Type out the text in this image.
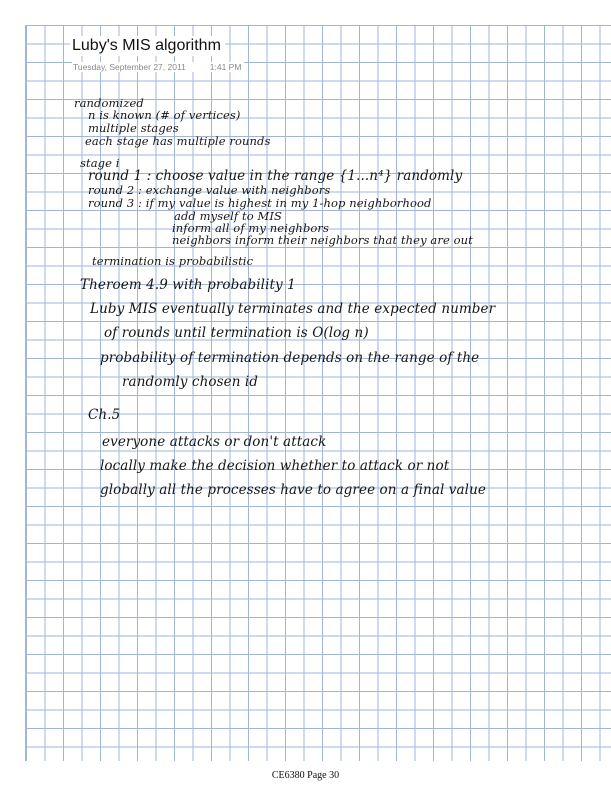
Luby's MIS algorithm
Tuesday, September 27, 2011	1:41 PM
randomized
n is known (# of vertices)
multiple stages
each stage has multiple rounds
stage i
round 1 : choose value in the range {1...n⁴} randomly
round 2 : exchange value with neighbors
round 3 : if my value is highest in my 1-hop neighborhood
add myself to MIS
inform all of my neighbors
neighbors inform their neighbors that they are out
termination is probabilistic
Theroem 4.9 with probability 1
Luby MIS eventually terminates and the expected number
of rounds until termination is O(log n)
probability of termination depends on the range of the
randomly chosen id
Ch.5
everyone attacks or don't attack
locally make the decision whether to attack or not
globally all the processes have to agree on a final value
CE6380 Page 30
